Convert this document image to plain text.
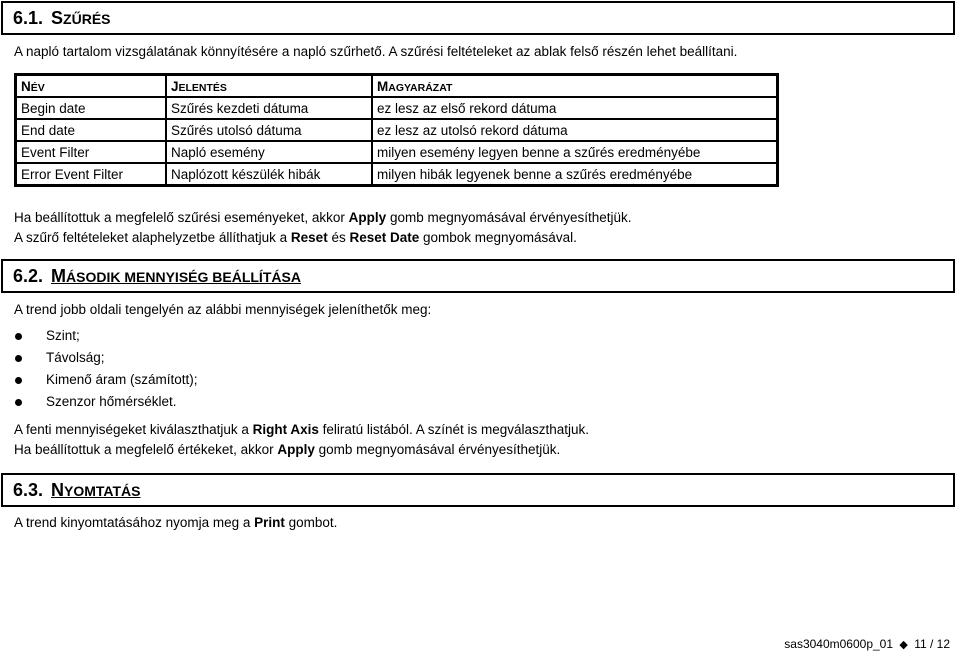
6.1. SZŰRÉS
A napló tartalom vizsgálatának könnyítésére a napló szűrhető. A szűrési feltételeket az ablak felső részén lehet beállítani.
NÉV	JELENTÉS	MAGYARÁZAT
Begin date	Szűrés kezdeti dátuma	ez lesz az első rekord dátuma
End date	Szűrés utolsó dátuma	ez lesz az utolsó rekord dátuma
Event Filter	Napló esemény	milyen esemény legyen benne a szűrés eredményébe
Error Event Filter	Naplózott készülék hibák	milyen hibák legyenek benne a szűrés eredményébe
Ha beállítottuk a megfelelő szűrési eseményeket, akkor Apply gomb megnyomásával érvényesíthetjük.
A szűrő feltételeket alaphelyzetbe állíthatjuk a Reset és Reset Date gombok megnyomásával.
6.2. MÁSODIK MENNYISÉG BEÁLLÍTÁSA
A trend jobb oldali tengelyén az alábbi mennyiségek jeleníthetők meg:
Szint;
Távolság;
Kimenő áram (számított);
Szenzor hőmérséklet.
A fenti mennyiségeket kiválaszthatjuk a Right Axis feliratú listából. A színét is megválaszthatjuk.
Ha beállítottuk a megfelelő értékeket, akkor Apply gomb megnyomásával érvényesíthetjük.
6.3. NYOMTATÁS
A trend kinyomtatásához nyomja meg a Print gombot.
sas3040m0600p_01 ◆ 11 / 12
